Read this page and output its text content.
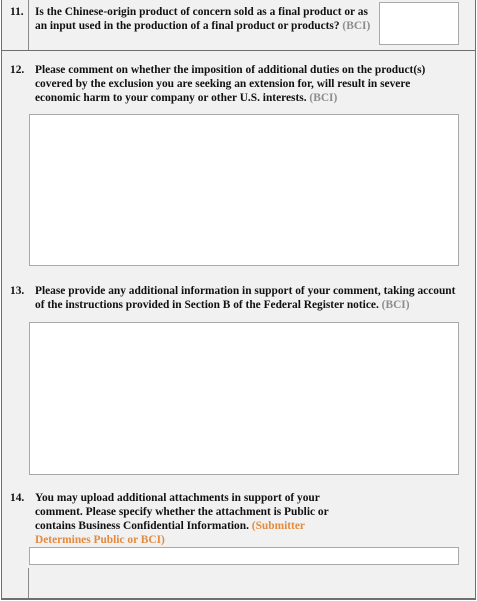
11. Is the Chinese-origin product of concern sold as a final product or as an input used in the production of a final product or products? (BCI)

12. Please comment on whether the imposition of additional duties on the product(s) covered by the exclusion you are seeking an extension for, will result in severe economic harm to your company or other U.S. interests. (BCI)

13. Please provide any additional information in support of your comment, taking account of the instructions provided in Section B of the Federal Register notice. (BCI)

14. You may upload additional attachments in support of your comment. Please specify whether the attachment is Public or contains Business Confidential Information. (Submitter Determines Public or BCI)
